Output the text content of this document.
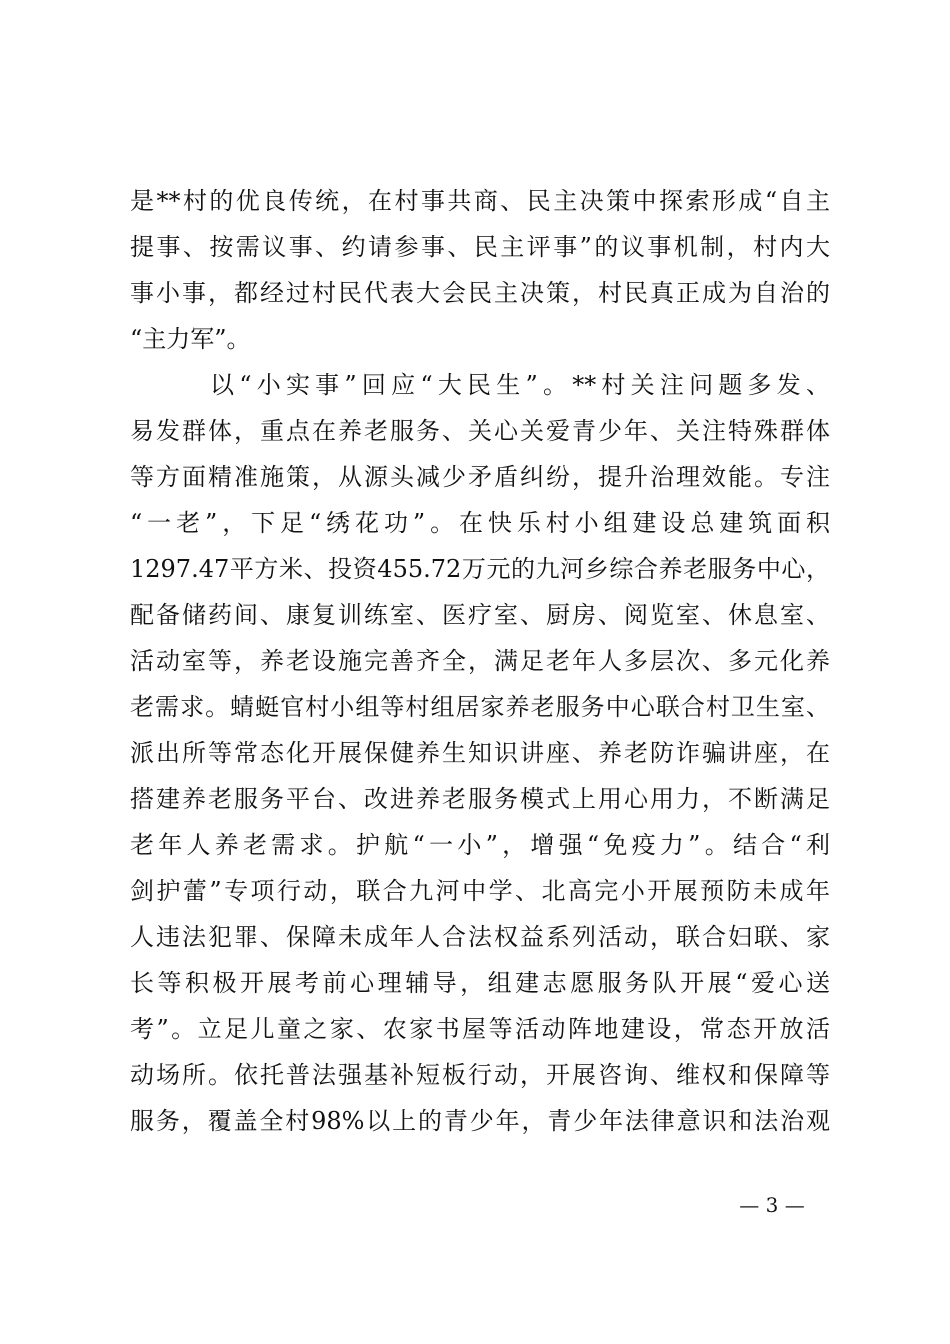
是**村的优良传统，在村事共商、民主决策中探索形成“自主
提事、按需议事、约请参事、民主评事”的议事机制，村内大
事小事，都经过村民代表大会民主决策，村民真正成为自治的
“主力军”。
以“小实事”回应“大民生”。**村关注问题多发、
易发群体，重点在养老服务、关心关爱青少年、关注特殊群体
等方面精准施策，从源头减少矛盾纠纷，提升治理效能。专注
“一老”，下足“绣花功”。在快乐村小组建设总建筑面积
1297.47平方米、投资455.72万元的九河乡综合养老服务中心，
配备储药间、康复训练室、医疗室、厨房、阅览室、休息室、
活动室等，养老设施完善齐全，满足老年人多层次、多元化养
老需求。蜻蜓官村小组等村组居家养老服务中心联合村卫生室、
派出所等常态化开展保健养生知识讲座、养老防诈骗讲座，在
搭建养老服务平台、改进养老服务模式上用心用力，不断满足
老年人养老需求。护航“一小”，增强“免疫力”。结合“利
剑护蕾”专项行动，联合九河中学、北高完小开展预防未成年
人违法犯罪、保障未成年人合法权益系列活动，联合妇联、家
长等积极开展考前心理辅导，组建志愿服务队开展“爱心送
考”。立足儿童之家、农家书屋等活动阵地建设，常态开放活
动场所。依托普法强基补短板行动，开展咨询、维权和保障等
服务，覆盖全村98%以上的青少年，青少年法律意识和法治观
— 3 —
